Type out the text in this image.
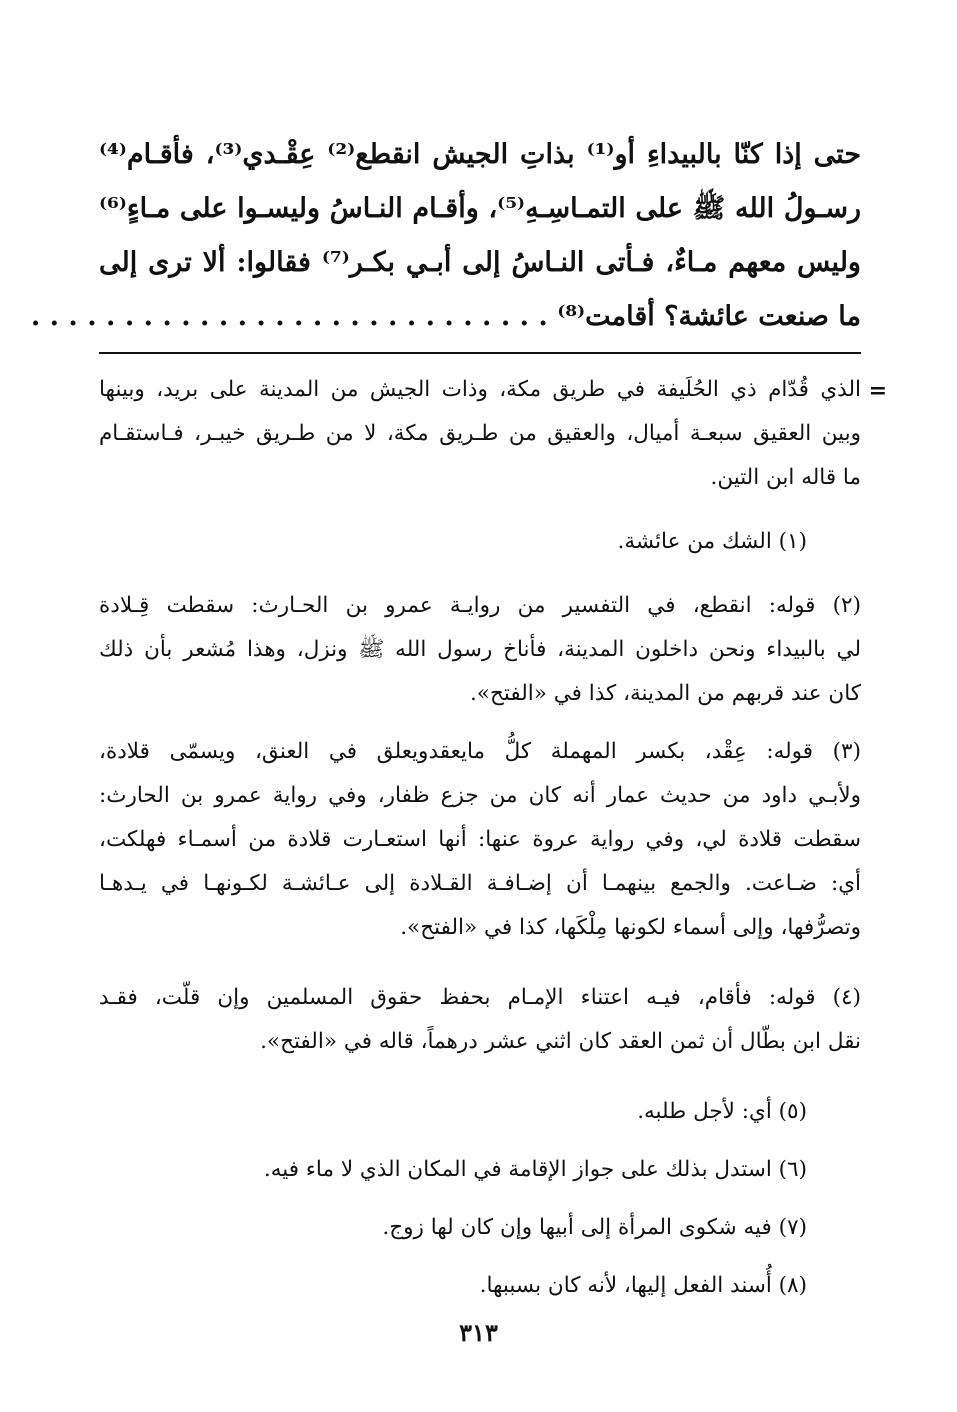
حتى إذا كنّا بالبيداءِ أو⁽¹⁾ بذاتِ الجيش انقطع⁽²⁾ عِقْـدي⁽³⁾، فأقـام⁽⁴⁾
رسـولُ الله ﷺ على التمـاسِـهِ⁽⁵⁾، وأقـام النـاسُ وليسـوا على مـاءٍ⁽⁶⁾
وليس معهم مـاءٌ، فـأتى النـاسُ إلى أبـي بكـر⁽⁷⁾ فقالوا: ألا ترى إلى
ما صنعت عائشة؟ أقامت⁽⁸⁾ . . . . . . . . . . . . . . . . . . . . . . . . . . . .
=
الذي قُدّام ذي الحُلَيفة في طريق مكة، وذات الجيش من المدينة على بريد، وبينها
وبين العقيق سبعـة أميال، والعقيق من طـريق مكة، لا من طـريق خيبـر، فـاستقـام
ما قاله ابن التين.
(١) الشك من عائشة.
(٢) قوله: انقطع، في التفسير من روايـة عمرو بن الحـارث: سقطت قِـلادة
لي بالبيداء ونحن داخلون المدينة، فأناخ رسول الله ﷺ ونزل، وهذا مُشعر بأن ذلك
كان عند قربهم من المدينة، كذا في «الفتح».
(٣) قوله: عِقْد، بكسر المهملة كلُّ مايعقدويعلق في العنق، ويسمّى قلادة،
ولأبـي داود من حديث عمار أنه كان من جزع ظفار، وفي رواية عمرو بن الحارث:
سقطت قلادة لي، وفي رواية عروة عنها: أنها استعـارت قلادة من أسمـاء فهلكت،
أي: ضـاعت. والجمع بينهمـا أن إضـافـة القـلادة إلى عـائشـة لكـونهـا في يـدهـا
وتصرُّفها، وإلى أسماء لكونها مِلْكَها، كذا في «الفتح».
(٤) قوله: فأقام، فيـه اعتناء الإمـام بحفظ حقوق المسلمين وإن قلّت، فقـد
نقل ابن بطّال أن ثمن العقد كان اثني عشر درهماً، قاله في «الفتح».
(٥) أي: لأجل طلبه.
(٦) استدل بذلك على جواز الإقامة في المكان الذي لا ماء فيه.
(٧) فيه شكوى المرأة إلى أبيها وإن كان لها زوج.
(٨) أُسند الفعل إليها، لأنه كان بسببها.
٣١٣
